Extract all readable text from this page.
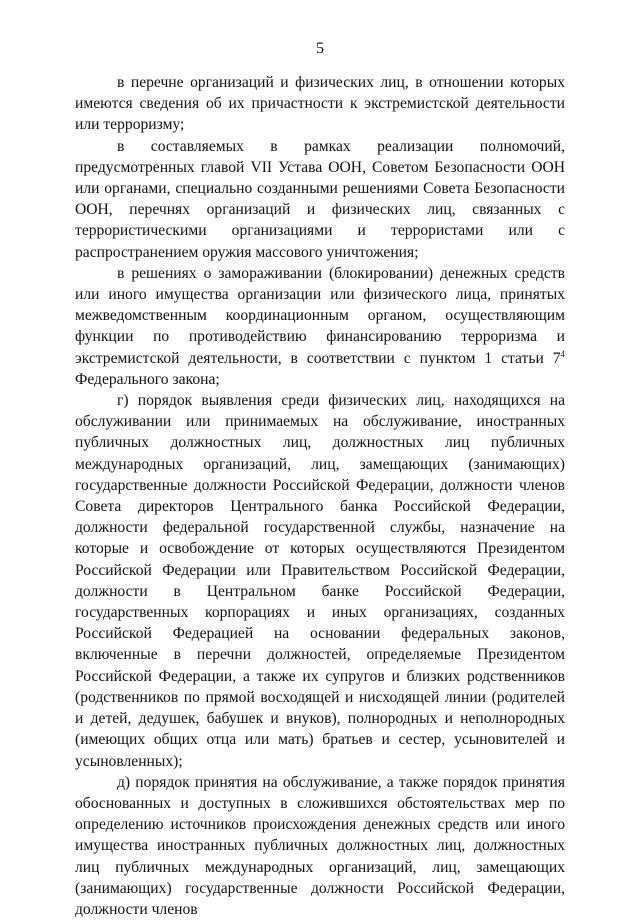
5

в перечне организаций и физических лиц, в отношении которых имеются сведения об их причастности к экстремистской деятельности или терроризму;

в составляемых в рамках реализации полномочий, предусмотренных главой VII Устава ООН, Советом Безопасности ООН или органами, специально созданными решениями Совета Безопасности ООН, перечнях организаций и физических лиц, связанных с террористическими организациями и террористами или с распространением оружия массового уничтожения;

в решениях о замораживании (блокировании) денежных средств или иного имущества организации или физического лица, принятых межведомственным координационным органом, осуществляющим функции по противодействию финансированию терроризма и экстремистской деятельности, в соответствии с пунктом 1 статьи $7^4$ Федерального закона;

г) порядок выявления среди физических лиц, находящихся на обслуживании или принимаемых на обслуживание, иностранных публичных должностных лиц, должностных лиц публичных международных организаций, лиц, замещающих (занимающих) государственные должности Российской Федерации, должности членов Совета директоров Центрального банка Российской Федерации, должности федеральной государственной службы, назначение на которые и освобождение от которых осуществляются Президентом Российской Федерации или Правительством Российской Федерации, должности в Центральном банке Российской Федерации, государственных корпорациях и иных организациях, созданных Российской Федерацией на основании федеральных законов, включенные в перечни должностей, определяемые Президентом Российской Федерации, а также их супругов и близких родственников (родственников по прямой восходящей и нисходящей линии (родителей и детей, дедушек, бабушек и внуков), полнородных и неполнородных (имеющих общих отца или мать) братьев и сестер, усыновителей и усыновленных);

д) порядок принятия на обслуживание, а также порядок принятия обоснованных и доступных в сложившихся обстоятельствах мер по определению источников происхождения денежных средств или иного имущества иностранных публичных должностных лиц, должностных лиц публичных международных организаций, лиц, замещающих (занимающих) государственные должности Российской Федерации, должности членов
